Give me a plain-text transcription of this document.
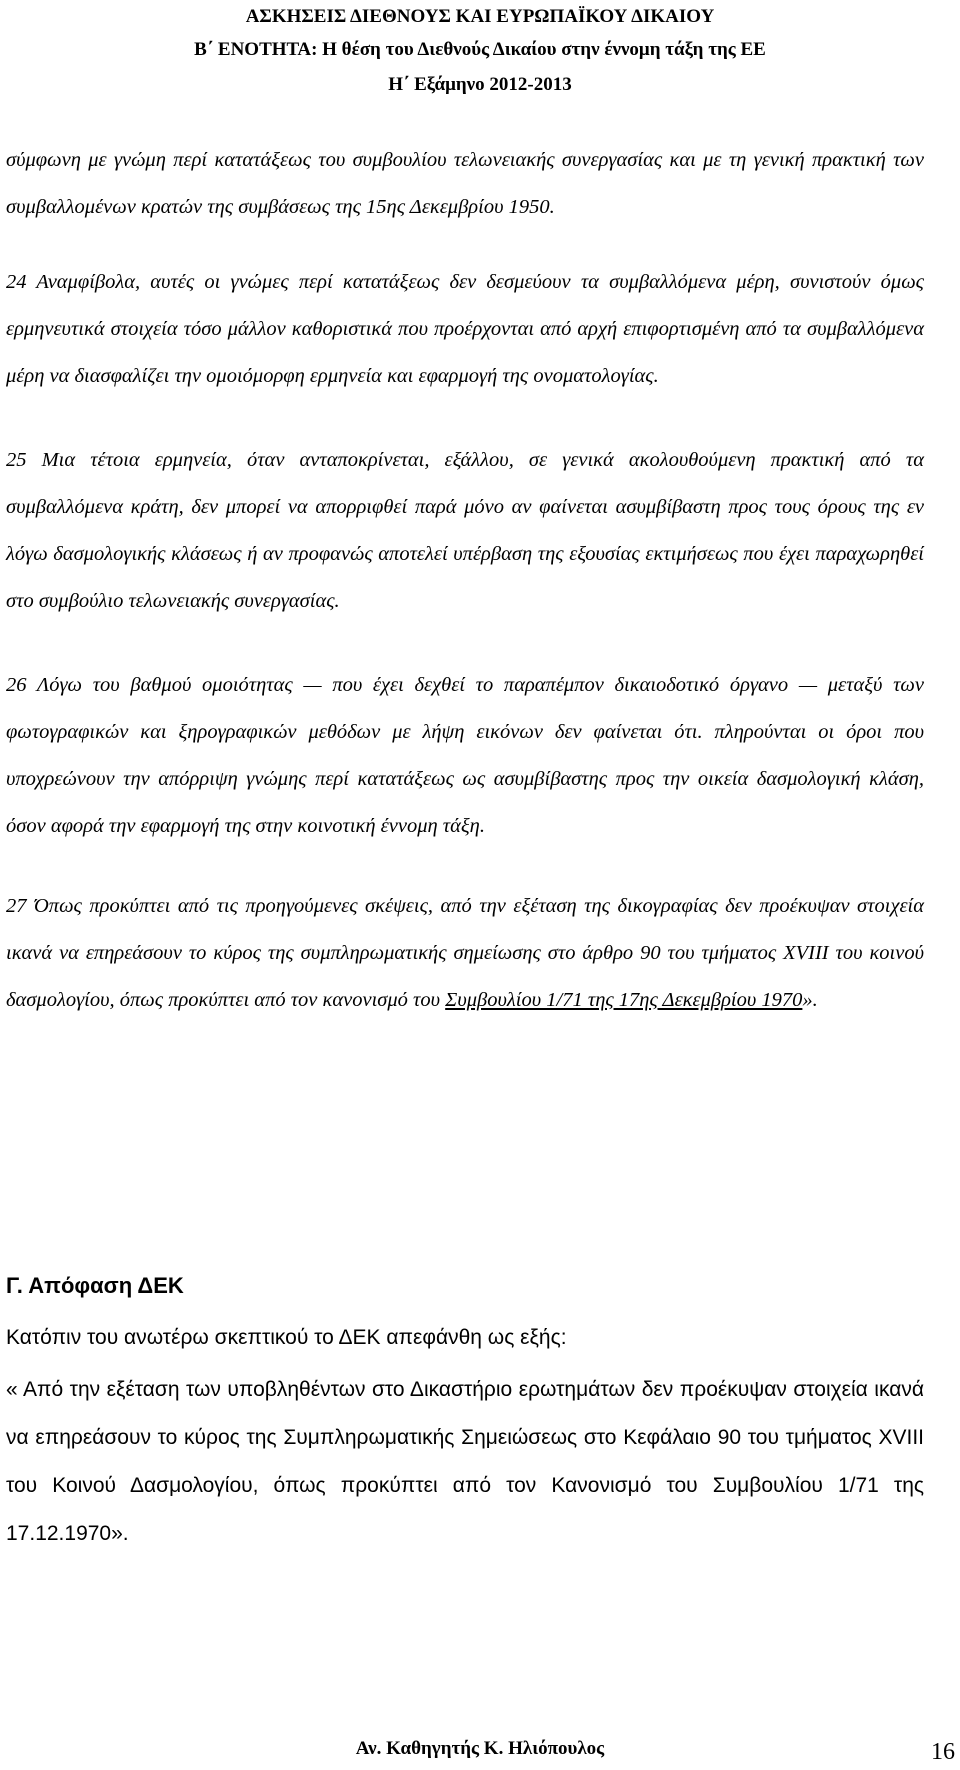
ΑΣΚΗΣΕΙΣ ΔΙΕΘΝΟΥΣ ΚΑΙ ΕΥΡΩΠΑΪΚΟΥ ΔΙΚΑΙΟΥ
Β΄ ΕΝΟΤΗΤΑ: Η θέση του Διεθνούς Δικαίου στην έννομη τάξη της ΕΕ
Η΄ Εξάμηνο 2012-2013

σύμφωνη με γνώμη περί κατατάξεως του συμβουλίου τελωνειακής συνεργασίας και με τη γενική πρακτική των συμβαλλομένων κρατών της συμβάσεως της 15ης Δεκεμβρίου 1950.

24 Αναμφίβολα, αυτές οι γνώμες περί κατατάξεως δεν δεσμεύουν τα συμβαλλόμενα μέρη, συνιστούν όμως ερμηνευτικά στοιχεία τόσο μάλλον καθοριστικά που προέρχονται από αρχή επιφορτισμένη από τα συμβαλλόμενα μέρη να διασφαλίζει την ομοιόμορφη ερμηνεία και εφαρμογή της ονοματολογίας.

25 Μια τέτοια ερμηνεία, όταν ανταποκρίνεται, εξάλλου, σε γενικά ακολουθούμενη πρακτική από τα συμβαλλόμενα κράτη, δεν μπορεί να απορριφθεί παρά μόνο αν φαίνεται ασυμβίβαστη προς τους όρους της εν λόγω δασμολογικής κλάσεως ή αν προφανώς αποτελεί υπέρβαση της εξουσίας εκτιμήσεως που έχει παραχωρηθεί στο συμβούλιο τελωνειακής συνεργασίας.

26 Λόγω του βαθμού ομοιότητας — που έχει δεχθεί το παραπέμπον δικαιοδοτικό όργανο — μεταξύ των φωτογραφικών και ξηρογραφικών μεθόδων με λήψη εικόνων δεν φαίνεται ότι. πληρούνται οι όροι που υποχρεώνουν την απόρριψη γνώμης περί κατατάξεως ως ασυμβίβαστης προς την οικεία δασμολογική κλάση, όσον αφορά την εφαρμογή της στην κοινοτική έννομη τάξη.

27 Όπως προκύπτει από τις προηγούμενες σκέψεις, από την εξέταση της δικογραφίας δεν προέκυψαν στοιχεία ικανά να επηρεάσουν το κύρος της συμπληρωματικής σημείωσης στο άρθρο 90 του τμήματος XVIII του κοινού δασμολογίου, όπως προκύπτει από τον κανονισμό του Συμβουλίου 1/71 της 17ης Δεκεμβρίου 1970».

Γ. Απόφαση ΔΕΚ

Κατόπιν του ανωτέρω σκεπτικού το ΔΕΚ απεφάνθη ως εξής:

« Από την εξέταση των υποβληθέντων στο Δικαστήριο ερωτημάτων δεν προέκυψαν στοιχεία ικανά να επηρεάσουν το κύρος της Συμπληρωματικής Σημειώσεως στο Κεφάλαιο 90 του τμήματος XVIII του Κοινού Δασμολογίου, όπως προκύπτει από τον Κανονισμό του Συμβουλίου 1/71 της 17.12.1970».

Αν. Καθηγητής Κ. Ηλιόπουλος	16
